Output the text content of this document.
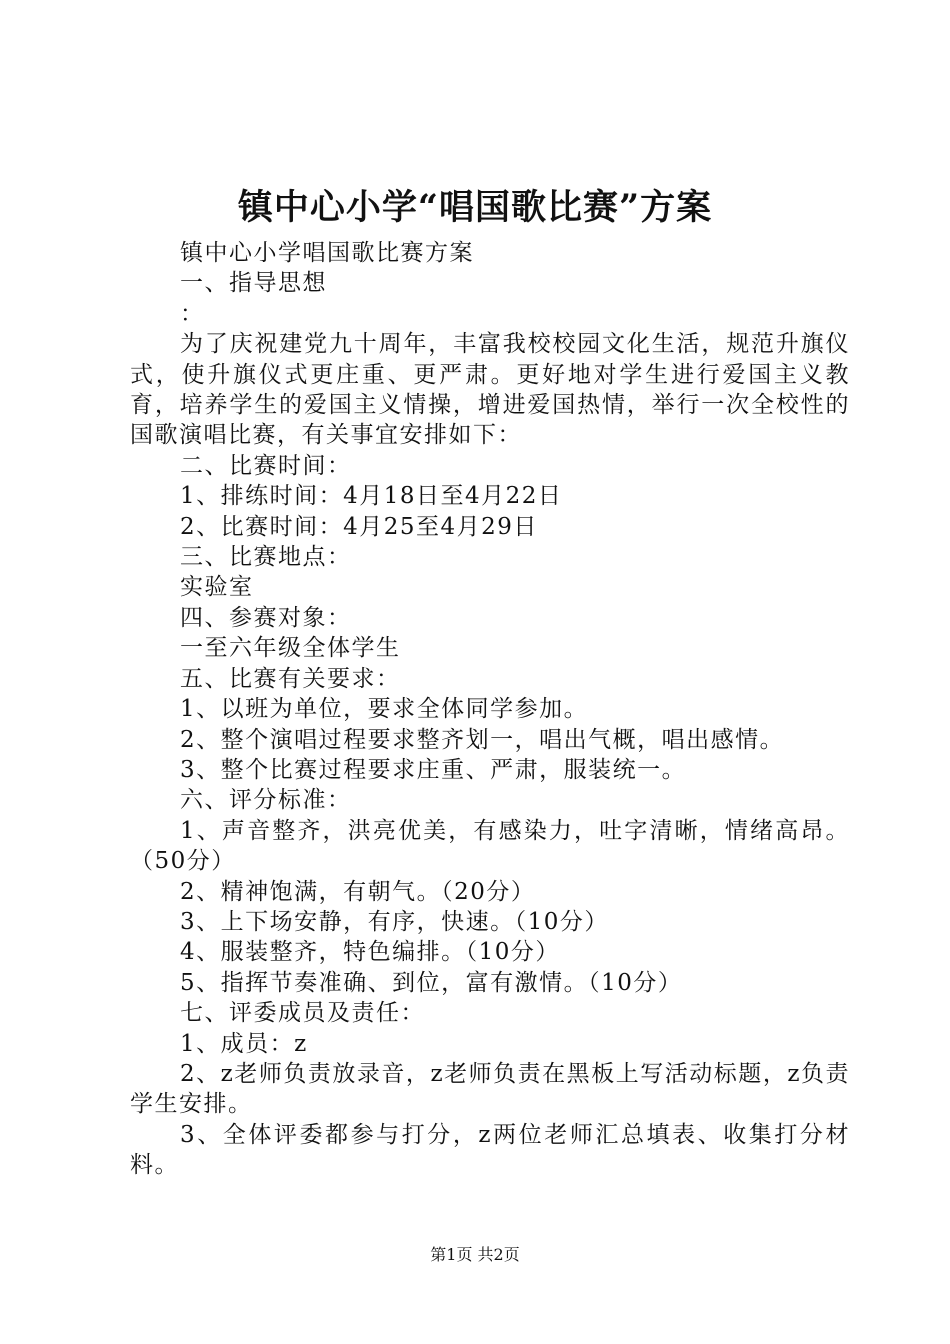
镇中心小学“唱国歌比赛”方案
镇中心小学唱国歌比赛方案
一、指导思想
：
为了庆祝建党九十周年，丰富我校校园文化生活，规范升旗仪式，使升旗仪式更庄重、更严肃。更好地对学生进行爱国主义教育，培养学生的爱国主义情操，增进爱国热情，举行一次全校性的国歌演唱比赛，有关事宜安排如下：
二、比赛时间：
1、排练时间：4月18日至4月22日
2、比赛时间：4月25至4月29日
三、比赛地点：
实验室
四、参赛对象：
一至六年级全体学生
五、比赛有关要求：
1、以班为单位，要求全体同学参加。
2、整个演唱过程要求整齐划一，唱出气概，唱出感情。
3、整个比赛过程要求庄重、严肃，服装统一。
六、评分标准：
1、声音整齐，洪亮优美，有感染力，吐字清晰，情绪高昂。（50分）
2、精神饱满，有朝气。（20分）
3、上下场安静，有序，快速。（10分）
4、服装整齐，特色编排。（10分）
5、指挥节奏准确、到位，富有激情。（10分）
七、评委成员及责任：
1、成员：z
2、z老师负责放录音，z老师负责在黑板上写活动标题，z负责学生安排。
3、全体评委都参与打分，z两位老师汇总填表、收集打分材料。
第1页 共2页
